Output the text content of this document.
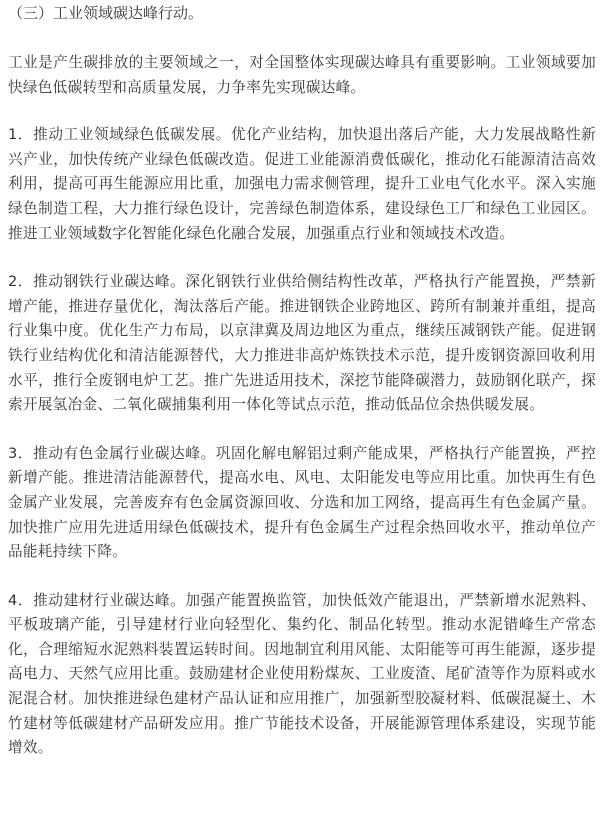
（三）工业领域碳达峰行动。

工业是产生碳排放的主要领域之一，对全国整体实现碳达峰具有重要影响。工业领域要加快绿色低碳转型和高质量发展，力争率先实现碳达峰。

1．推动工业领域绿色低碳发展。优化产业结构，加快退出落后产能，大力发展战略性新兴产业，加快传统产业绿色低碳改造。促进工业能源消费低碳化，推动化石能源清洁高效利用，提高可再生能源应用比重，加强电力需求侧管理，提升工业电气化水平。深入实施绿色制造工程，大力推行绿色设计，完善绿色制造体系，建设绿色工厂和绿色工业园区。推进工业领域数字化智能化绿色化融合发展，加强重点行业和领域技术改造。

2．推动钢铁行业碳达峰。深化钢铁行业供给侧结构性改革，严格执行产能置换，严禁新增产能，推进存量优化，淘汰落后产能。推进钢铁企业跨地区、跨所有制兼并重组，提高行业集中度。优化生产力布局，以京津冀及周边地区为重点，继续压减钢铁产能。促进钢铁行业结构优化和清洁能源替代，大力推进非高炉炼铁技术示范，提升废钢资源回收利用水平，推行全废钢电炉工艺。推广先进适用技术，深挖节能降碳潜力，鼓励钢化联产，探索开展氢冶金、二氧化碳捕集利用一体化等试点示范，推动低品位余热供暖发展。

3．推动有色金属行业碳达峰。巩固化解电解铝过剩产能成果，严格执行产能置换，严控新增产能。推进清洁能源替代，提高水电、风电、太阳能发电等应用比重。加快再生有色金属产业发展，完善废弃有色金属资源回收、分选和加工网络，提高再生有色金属产量。加快推广应用先进适用绿色低碳技术，提升有色金属生产过程余热回收水平，推动单位产品能耗持续下降。

4．推动建材行业碳达峰。加强产能置换监管，加快低效产能退出，严禁新增水泥熟料、平板玻璃产能，引导建材行业向轻型化、集约化、制品化转型。推动水泥错峰生产常态化，合理缩短水泥熟料装置运转时间。因地制宜利用风能、太阳能等可再生能源，逐步提高电力、天然气应用比重。鼓励建材企业使用粉煤灰、工业废渣、尾矿渣等作为原料或水泥混合材。加快推进绿色建材产品认证和应用推广，加强新型胶凝材料、低碳混凝土、木竹建材等低碳建材产品研发应用。推广节能技术设备，开展能源管理体系建设，实现节能增效。
